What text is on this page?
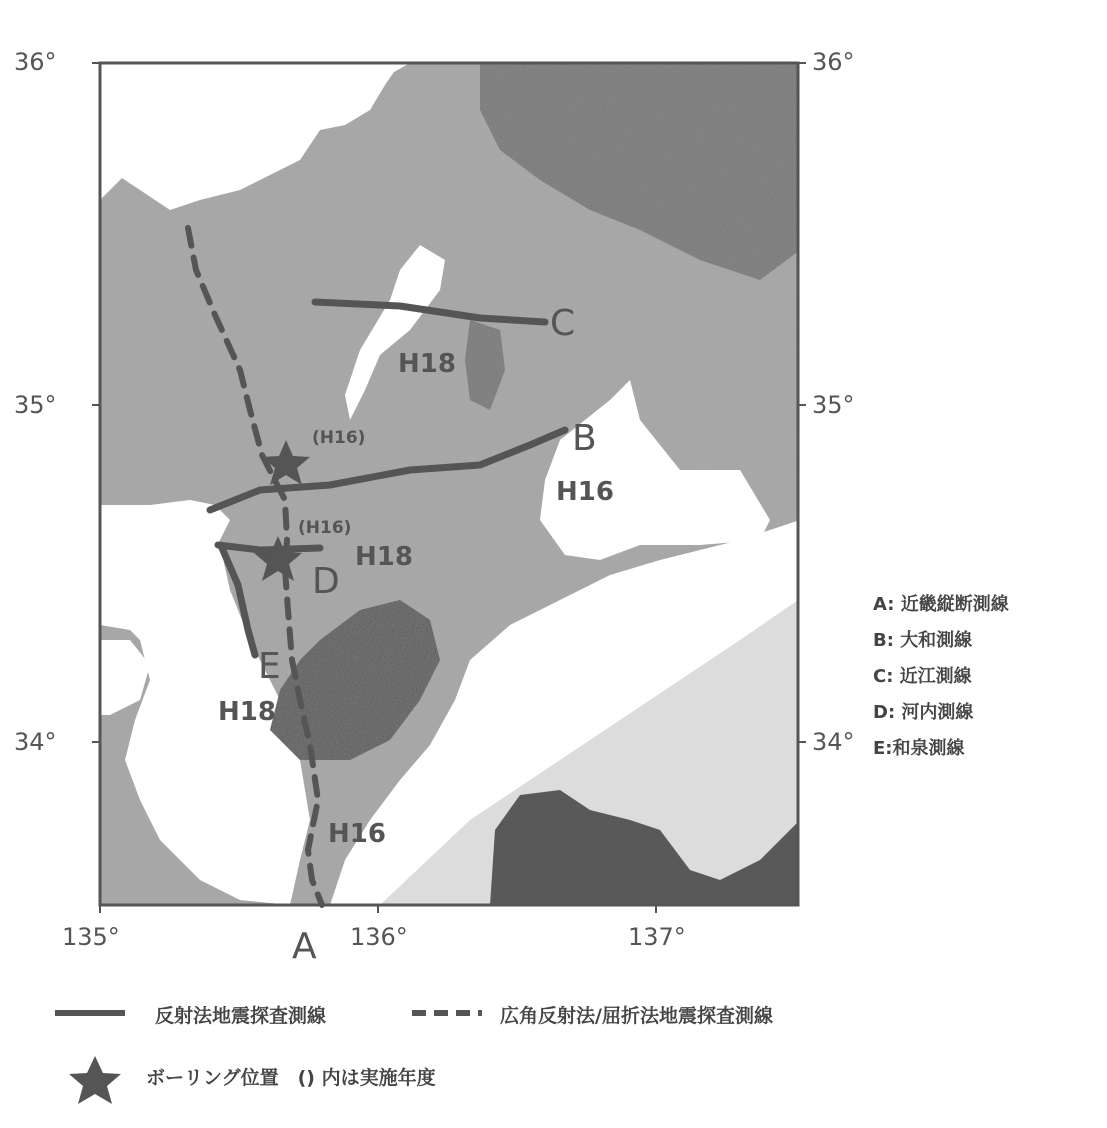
36°
35°
34°
36°
35°
34°
135°	136°	137°
(H16)
(H16)
A
B
C
D
E
H16
H16
H18
H18
H18
反射法地震探査測線	広角反射法/屈折法地震探査測線
ボーリング位置　() 内は実施年度
A: 近畿縦断測線
B: 大和測線
C: 近江測線
D: 河内測線
E:和泉測線
